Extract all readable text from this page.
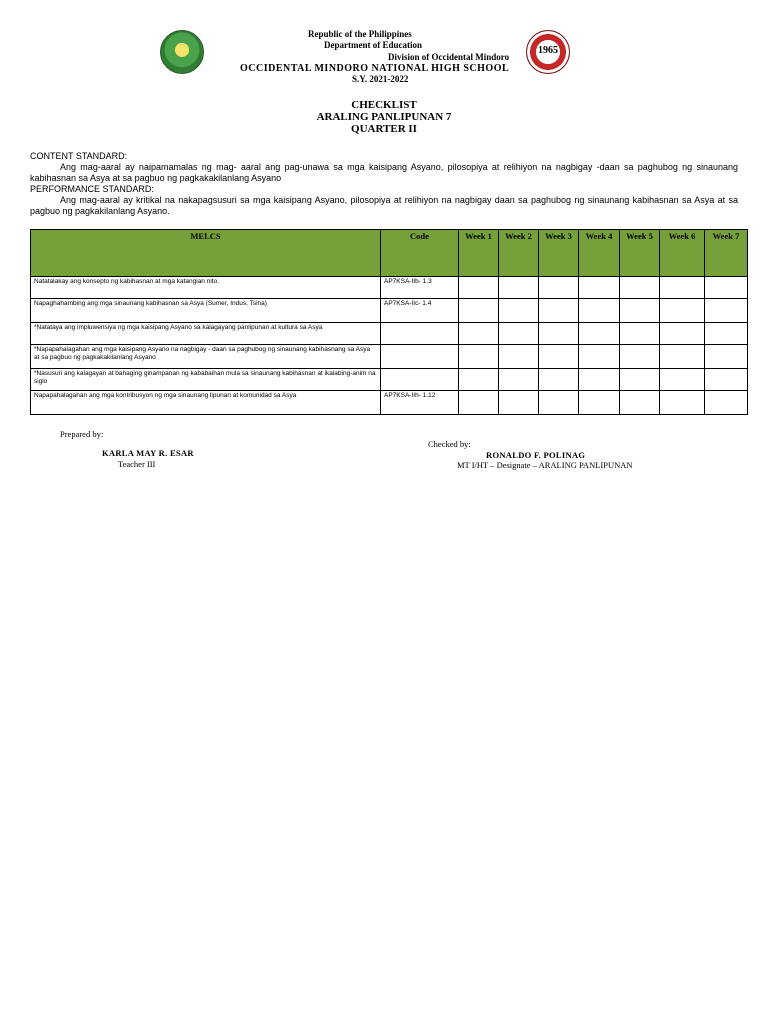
1965
Republic of the Philippines
Department of Education
Division of Occidental Mindoro
OCCIDENTAL MINDORO NATIONAL HIGH SCHOOL
S.Y. 2021-2022
CHECKLIST
ARALING PANLIPUNAN 7
QUARTER II
CONTENT STANDARD:
Ang mag-aaral ay naipamamalas ng mag- aaral ang pag-unawa sa mga kaisipang Asyano, pilosopiya at relihiyon na nagbigay -daan sa paghubog ng sinaunang kabihasnan sa Asya at sa pagbuo ng pagkakakilanlang Asyano
PERFORMANCE STANDARD:
Ang mag-aaral ay kritikal na nakapagsusuri sa mga kaisipang Asyano, pilosopiya at relihiyon na nagbigay daan sa paghubog ng sinaunang kabihasnan sa Asya at sa pagbuo ng pagkakilanlang Asyano.
MELCS	Code	Week 1	Week 2	Week 3	Week 4	Week 5	Week 6	Week 7
Natatalakay ang konsepto ng kabihasnan at mga katangian nito.	AP7KSA-IIb- 1.3							
Napaghahambing ang mga sinaunang kabihasnan sa Asya (Sumer, Indus, Tsina)	AP7KSA-IIc- 1.4							
*Natataya ang impluwensiya ng mga kaisipang Asyano sa kalagayang panlipunan at kultura sa Asya								
*Napapahalagahan ang mga kaisipang Asyano na nagbigay - daan sa paghubog ng sinaunang kabihasnang sa Asya at sa pagbuo ng pagkakakilanlang Asyano								
*Nasusuri ang kalagayan at bahaging ginampanan ng kababaihan mula sa sinaunang kabihasnan at ikalabing-anim na siglo								
Napapahalagahan ang mga kontribusyon ng mga sinaunang lipunan at komunidad sa Asya	AP7KSA-IIh- 1.12							
Prepared by:
KARLA MAY R. ESAR
Teacher III
Checked by:
RONALDO F. POLINAG
MT I/HT – Designate – ARALING PANLIPUNAN
